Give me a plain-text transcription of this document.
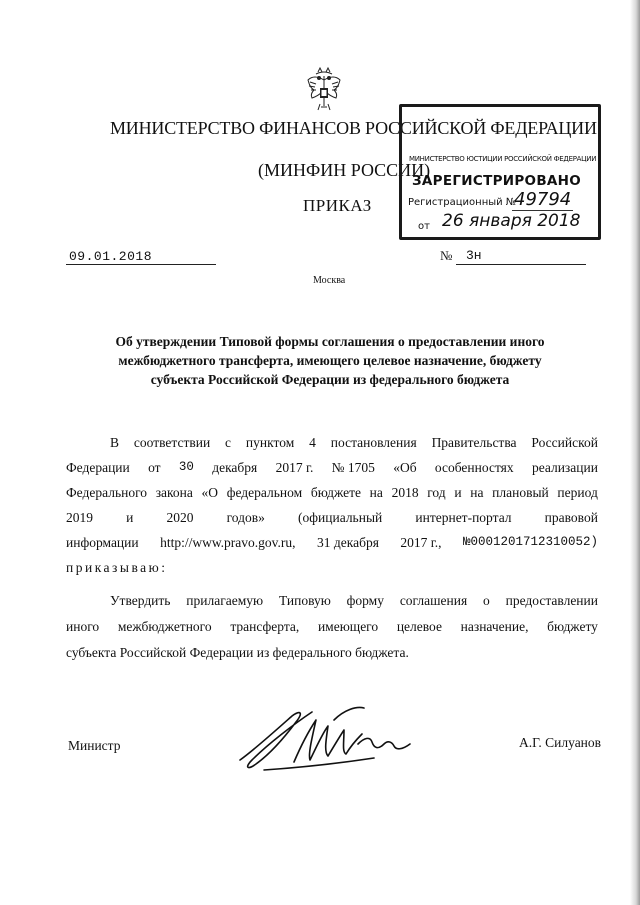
МИНИСТЕРСТВО ФИНАНСОВ РОССИЙСКОЙ ФЕДЕРАЦИИ
(МИНФИН РОССИИ)
ПРИКАЗ
МИНИСТЕРСТВО ЮСТИЦИИ РОССИЙСКОЙ ФЕДЕРАЦИИ
ЗАРЕГИСТРИРОВАНО
Регистрационный №
49794
от 26 января 2018
09.01.2018	№ 3н
Москва
Об утверждении Типовой формы соглашения о предоставлении иного
межбюджетного трансферта, имеющего целевое назначение, бюджету
субъекта Российской Федерации из федерального бюджета
В соответствии с пунктом 4 постановления Правительства Российской
Федерации от 30 декабря 2017 г. № 1705 «Об особенностях реализации
Федерального закона «О федеральном бюджете на 2018 год и на плановый период
2019 и 2020 годов» (официальный интернет-портал правовой
информации http://www.pravo.gov.ru, 31 декабря 2017 г., №0001201712310052)
приказываю:
Утвердить прилагаемую Типовую форму соглашения о предоставлении
иного межбюджетного трансферта, имеющего целевое назначение, бюджету
субъекта Российской Федерации из федерального бюджета.
Министр	А.Г. Силуанов
